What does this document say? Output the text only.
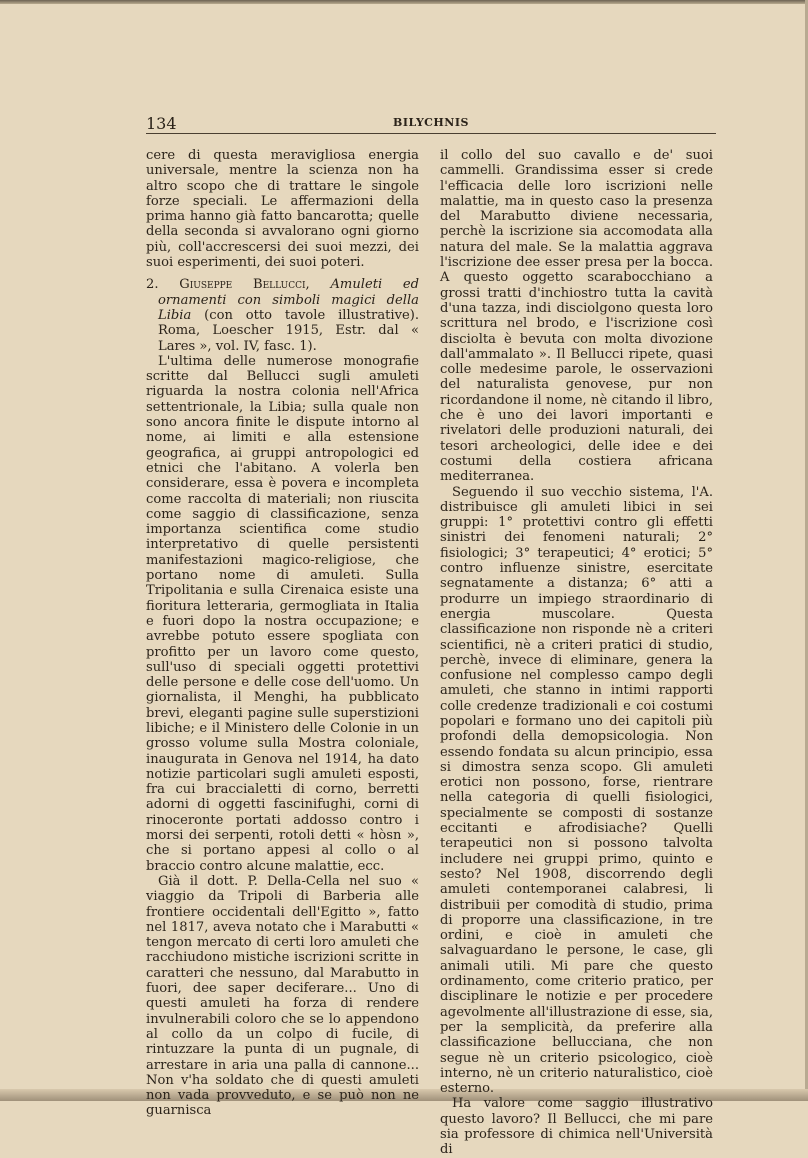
134	BILYCHNIS

cere di questa meravigliosa energia universale, mentre la scienza non ha altro scopo che di trattare le singole forze speciali. Le affermazioni della prima hanno già fatto bancarotta; quelle della seconda si avvalorano ogni giorno più, coll'accrescersi dei suoi mezzi, dei suoi esperimenti, dei suoi poteri.

2. Giuseppe Bellucci, Amuleti ed ornamenti con simboli magici della Libia (con otto tavole illustrative). Roma, Loescher 1915, Estr. dal « Lares », vol. IV, fasc. 1).

L'ultima delle numerose monografie scritte dal Bellucci sugli amuleti riguarda la nostra colonia nell'Africa settentrionale, la Libia; sulla quale non sono ancora finite le dispute intorno al nome, ai limiti e alla estensione geografica, ai gruppi antropologici ed etnici che l'abitano. A volerla ben considerare, essa è povera e incompleta come raccolta di materiali; non riuscita come saggio di classificazione, senza importanza scientifica come studio interpretativo di quelle persistenti manifestazioni magico-religiose, che portano nome di amuleti. Sulla Tripolitania e sulla Cirenaica esiste una fioritura letteraria, germogliata in Italia e fuori dopo la nostra occupazione; e avrebbe potuto essere spogliata con profitto per un lavoro come questo, sull'uso di speciali oggetti protettivi delle persone e delle cose dell'uomo. Un giornalista, il Menghi, ha pubblicato brevi, eleganti pagine sulle superstizioni libiche; e il Ministero delle Colonie in un grosso volume sulla Mostra coloniale, inaugurata in Genova nel 1914, ha dato notizie particolari sugli amuleti esposti, fra cui braccialetti di corno, berretti adorni di oggetti fascinifughi, corni di rinoceronte portati addosso contro i morsi dei serpenti, rotoli detti « hòsn », che si portano appesi al collo o al braccio contro alcune malattie, ecc.

Già il dott. P. Della-Cella nel suo « viaggio da Tripoli di Barberia alle frontiere occidentali dell'Egitto », fatto nel 1817, aveva notato che i Marabutti « tengon mercato di certi loro amuleti che racchiudono mistiche iscrizioni scritte in caratteri che nessuno, dal Marabutto in fuori, dee saper deciferare... Uno di questi amuleti ha forza di rendere invulnerabili coloro che se lo appendono al collo da un colpo di fucile, di rintuzzare la punta di un pugnale, di arrestare in aria una palla di cannone... Non v'ha soldato che di questi amuleti non vada provveduto, e se può non ne guarnisca

il collo del suo cavallo e de' suoi cammelli. Grandissima esser si crede l'efficacia delle loro iscrizioni nelle malattie, ma in questo caso la presenza del Marabutto diviene necessaria, perchè la iscrizione sia accomodata alla natura del male. Se la malattia aggrava l'iscrizione dee esser presa per la bocca. A questo oggetto scarabocchiano a grossi tratti d'inchiostro tutta la cavità d'una tazza, indi disciolgono questa loro scrittura nel brodo, e l'iscrizione così disciolta è bevuta con molta divozione dall'ammalato ». Il Bellucci ripete, quasi colle medesime parole, le osservazioni del naturalista genovese, pur non ricordandone il nome, nè citando il libro, che è uno dei lavori importanti e rivelatori delle produzioni naturali, dei tesori archeologici, delle idee e dei costumi della costiera africana mediterranea.

Seguendo il suo vecchio sistema, l'A. distribuisce gli amuleti libici in sei gruppi: 1° protettivi contro gli effetti sinistri dei fenomeni naturali; 2° fisiologici; 3° terapeutici; 4° erotici; 5° contro influenze sinistre, esercitate segnatamente a distanza; 6° atti a produrre un impiego straordinario di energia muscolare. Questa classificazione non risponde nè a criteri scientifici, nè a criteri pratici di studio, perchè, invece di eliminare, genera la confusione nel complesso campo degli amuleti, che stanno in intimi rapporti colle credenze tradizionali e coi costumi popolari e formano uno dei capitoli più profondi della demopsicologia. Non essendo fondata su alcun principio, essa si dimostra senza scopo. Gli amuleti erotici non possono, forse, rientrare nella categoria di quelli fisiologici, specialmente se composti di sostanze eccitanti e afrodisiache? Quelli terapeutici non si possono talvolta includere nei gruppi primo, quinto e sesto? Nel 1908, discorrendo degli amuleti contemporanei calabresi, li distribuii per comodità di studio, prima di proporre una classificazione, in tre ordini, e cioè in amuleti che salvaguardano le persone, le case, gli animali utili. Mi pare che questo ordinamento, come criterio pratico, per disciplinare le notizie e per procedere agevolmente all'illustrazione di esse, sia, per la semplicità, da preferire alla classificazione bellucciana, che non segue nè un criterio psicologico, cioè interno, nè un criterio naturalistico, cioè esterno.

Ha valore come saggio illustrativo questo lavoro? Il Bellucci, che mi pare sia professore di chimica nell'Università di
